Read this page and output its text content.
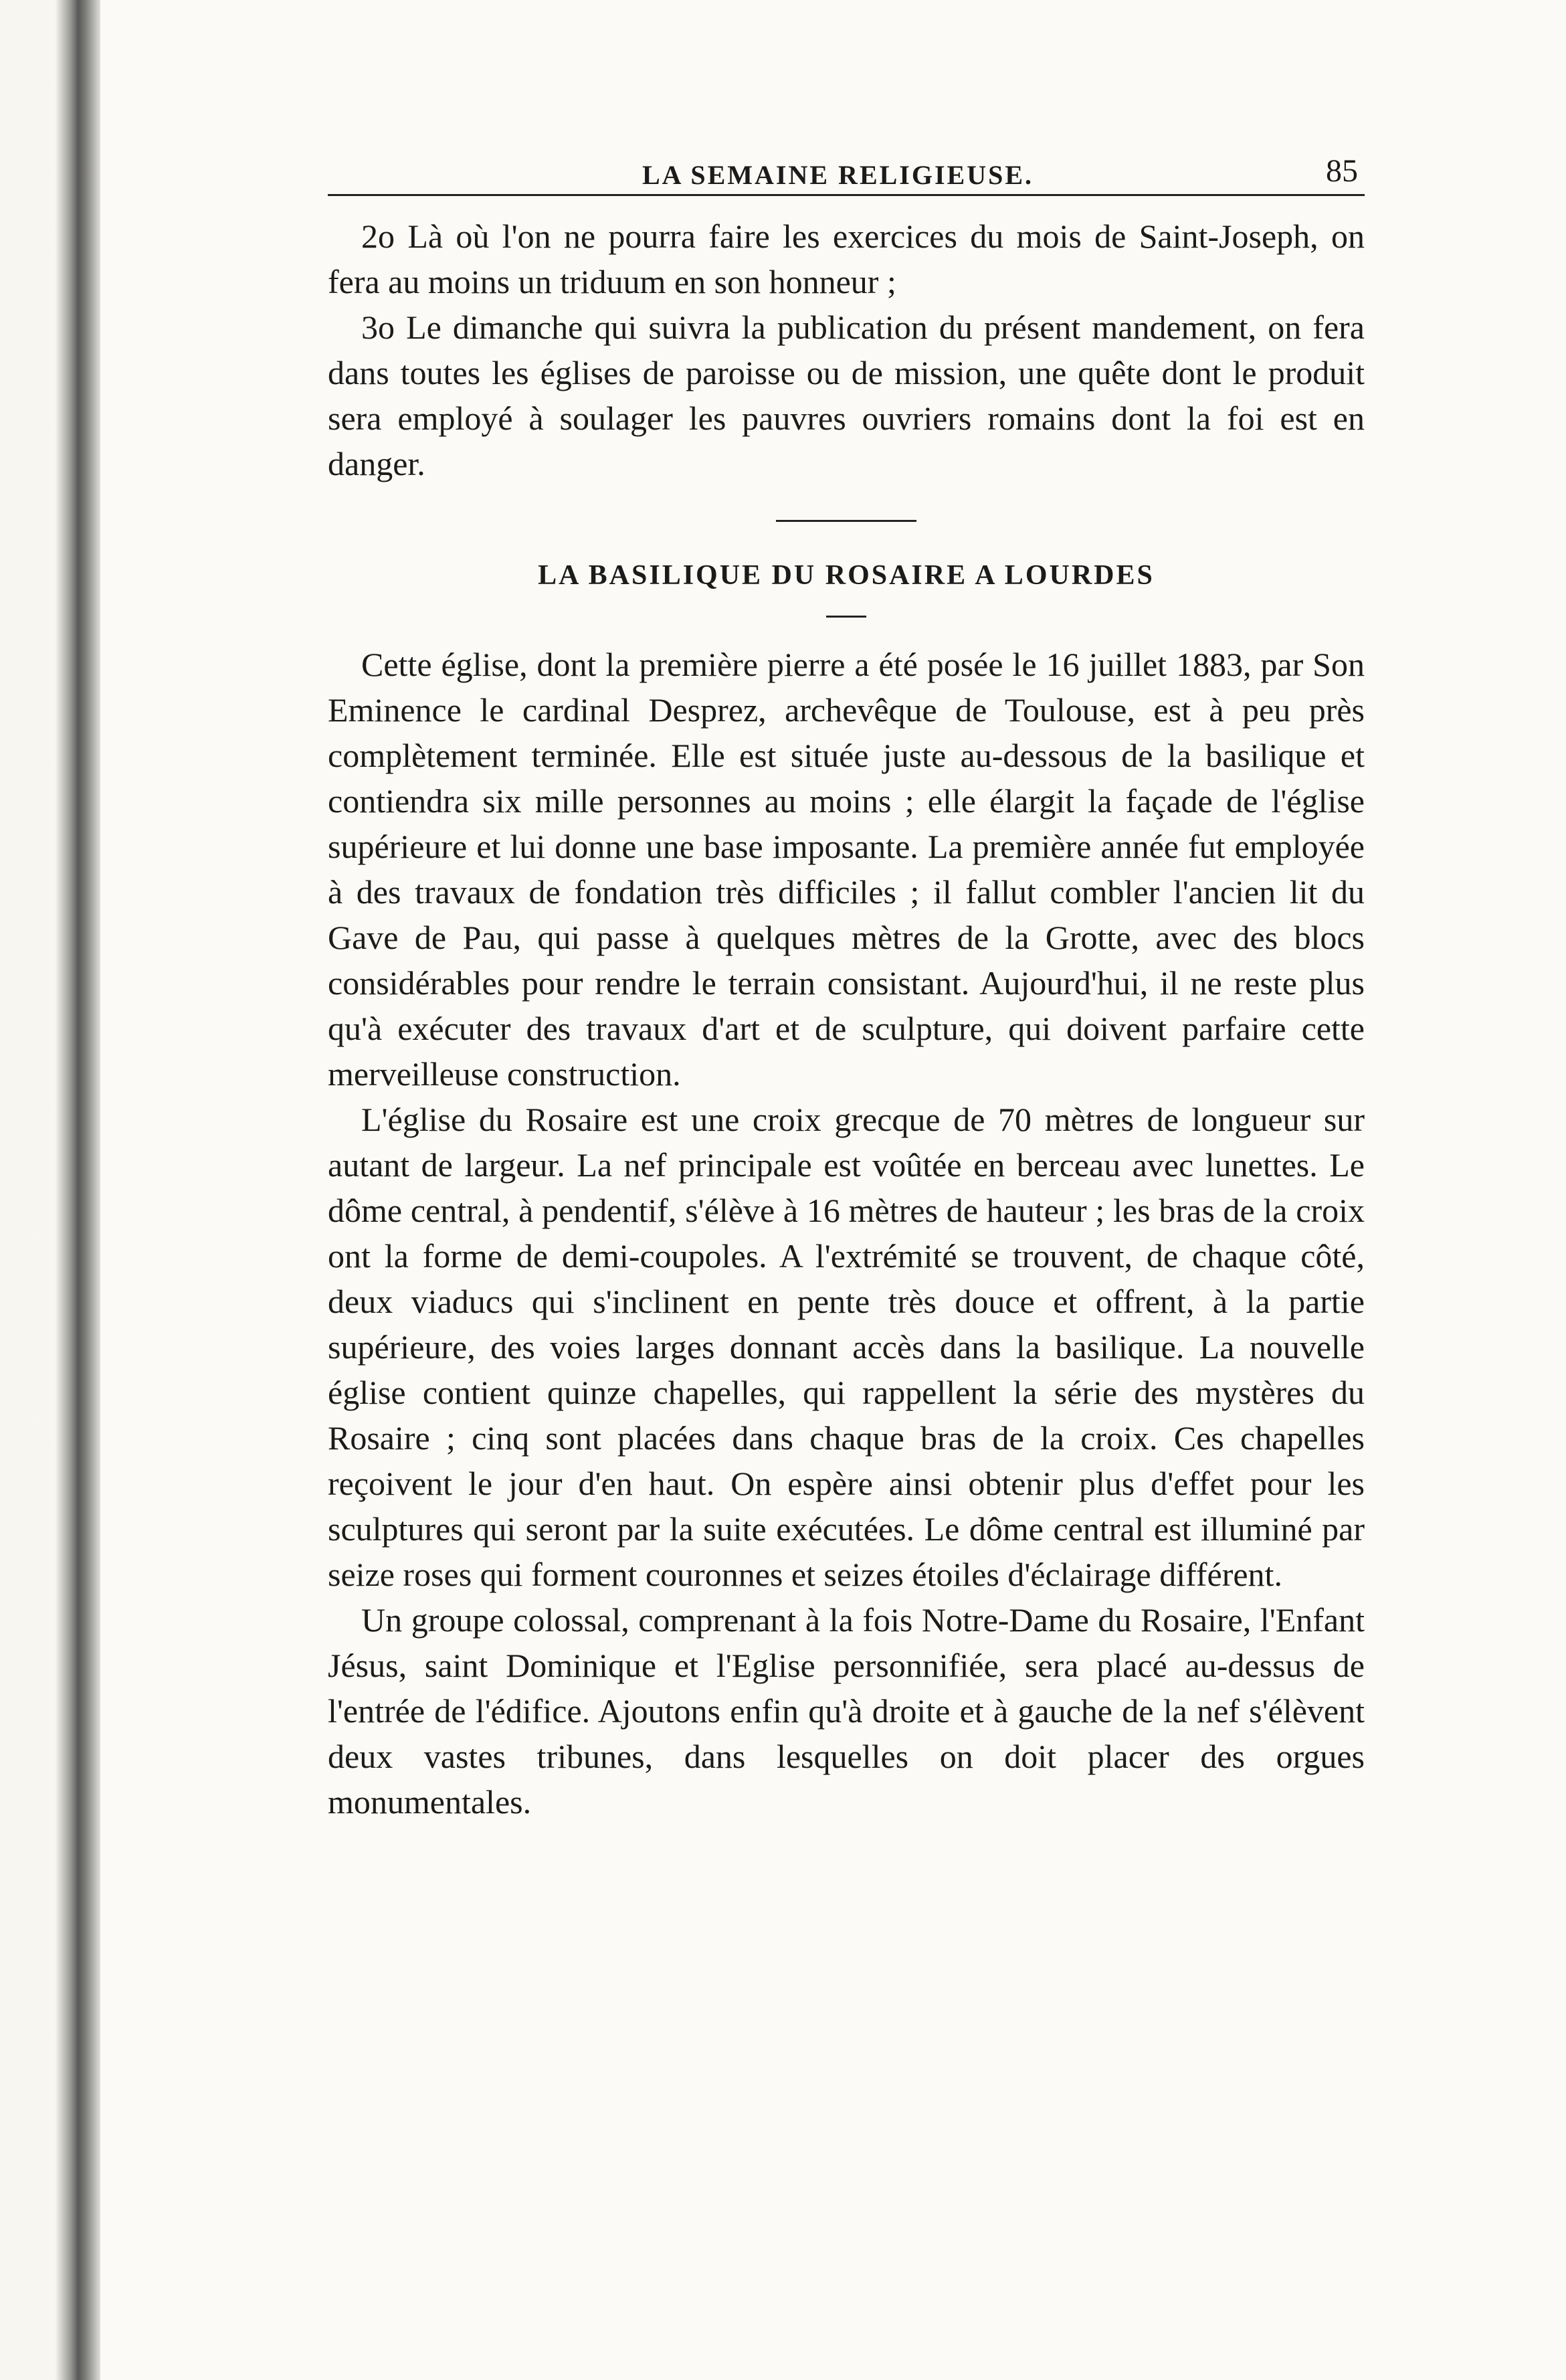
LA SEMAINE RELIGIEUSE.	85

2o Là où l'on ne pourra faire les exercices du mois de Saint-Joseph, on fera au moins un triduum en son honneur ;

3o Le dimanche qui suivra la publication du présent mandement, on fera dans toutes les églises de paroisse ou de mission, une quête dont le produit sera employé à soulager les pauvres ouvriers romains dont la foi est en danger.

LA BASILIQUE DU ROSAIRE A LOURDES

Cette église, dont la première pierre a été posée le 16 juillet 1883, par Son Eminence le cardinal Desprez, archevêque de Toulouse, est à peu près complètement terminée. Elle est située juste au-dessous de la basilique et contiendra six mille personnes au moins ; elle élargit la façade de l'église supérieure et lui donne une base imposante. La première année fut employée à des travaux de fondation très difficiles ; il fallut combler l'ancien lit du Gave de Pau, qui passe à quelques mètres de la Grotte, avec des blocs considérables pour rendre le terrain consistant. Aujourd'hui, il ne reste plus qu'à exécuter des travaux d'art et de sculpture, qui doivent parfaire cette merveilleuse construction.

L'église du Rosaire est une croix grecque de 70 mètres de longueur sur autant de largeur. La nef principale est voûtée en berceau avec lunettes. Le dôme central, à pendentif, s'élève à 16 mètres de hauteur ; les bras de la croix ont la forme de demi-coupoles. A l'extrémité se trouvent, de chaque côté, deux viaducs qui s'inclinent en pente très douce et offrent, à la partie supérieure, des voies larges donnant accès dans la basilique. La nouvelle église contient quinze chapelles, qui rappellent la série des mystères du Rosaire ; cinq sont placées dans chaque bras de la croix. Ces chapelles reçoivent le jour d'en haut. On espère ainsi obtenir plus d'effet pour les sculptures qui seront par la suite exécutées. Le dôme central est illuminé par seize roses qui forment couronnes et seizes étoiles d'éclairage différent.

Un groupe colossal, comprenant à la fois Notre-Dame du Rosaire, l'Enfant Jésus, saint Dominique et l'Eglise personnifiée, sera placé au-dessus de l'entrée de l'édifice. Ajoutons enfin qu'à droite et à gauche de la nef s'élèvent deux vastes tribunes, dans lesquelles on doit placer des orgues monumentales.
